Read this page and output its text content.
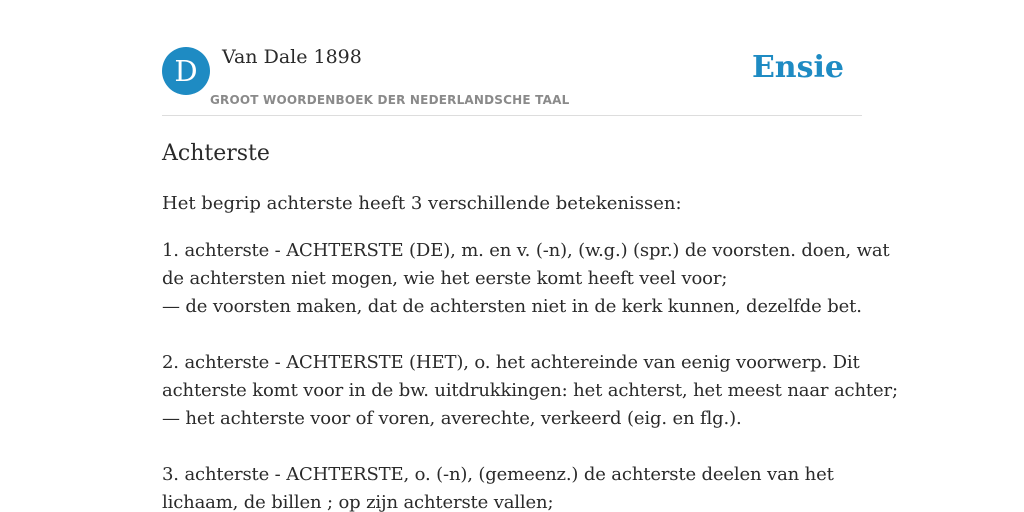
D	Van Dale 1898
GROOT WOORDENBOEK DER NEDERLANDSCHE TAAL
Ensie
Achterste

Het begrip achterste heeft 3 verschillende betekenissen:

1. achterste - ACHTERSTE (DE), m. en v. (-n), (w.g.) (spr.) de voorsten. doen, wat
de achtersten niet mogen, wie het eerste komt heeft veel voor;
— de voorsten maken, dat de achtersten niet in de kerk kunnen, dezelfde bet.

2. achterste - ACHTERSTE (HET), o. het achtereinde van eenig voorwerp. Dit
achterste komt voor in de bw. uitdrukkingen: het achterst, het meest naar achter;
— het achterste voor of voren, averechte, verkeerd (eig. en flg.).

3. achterste - ACHTERSTE, o. (-n), (gemeenz.) de achterste deelen van het
lichaam, de billen ; op zijn achterste vallen;
